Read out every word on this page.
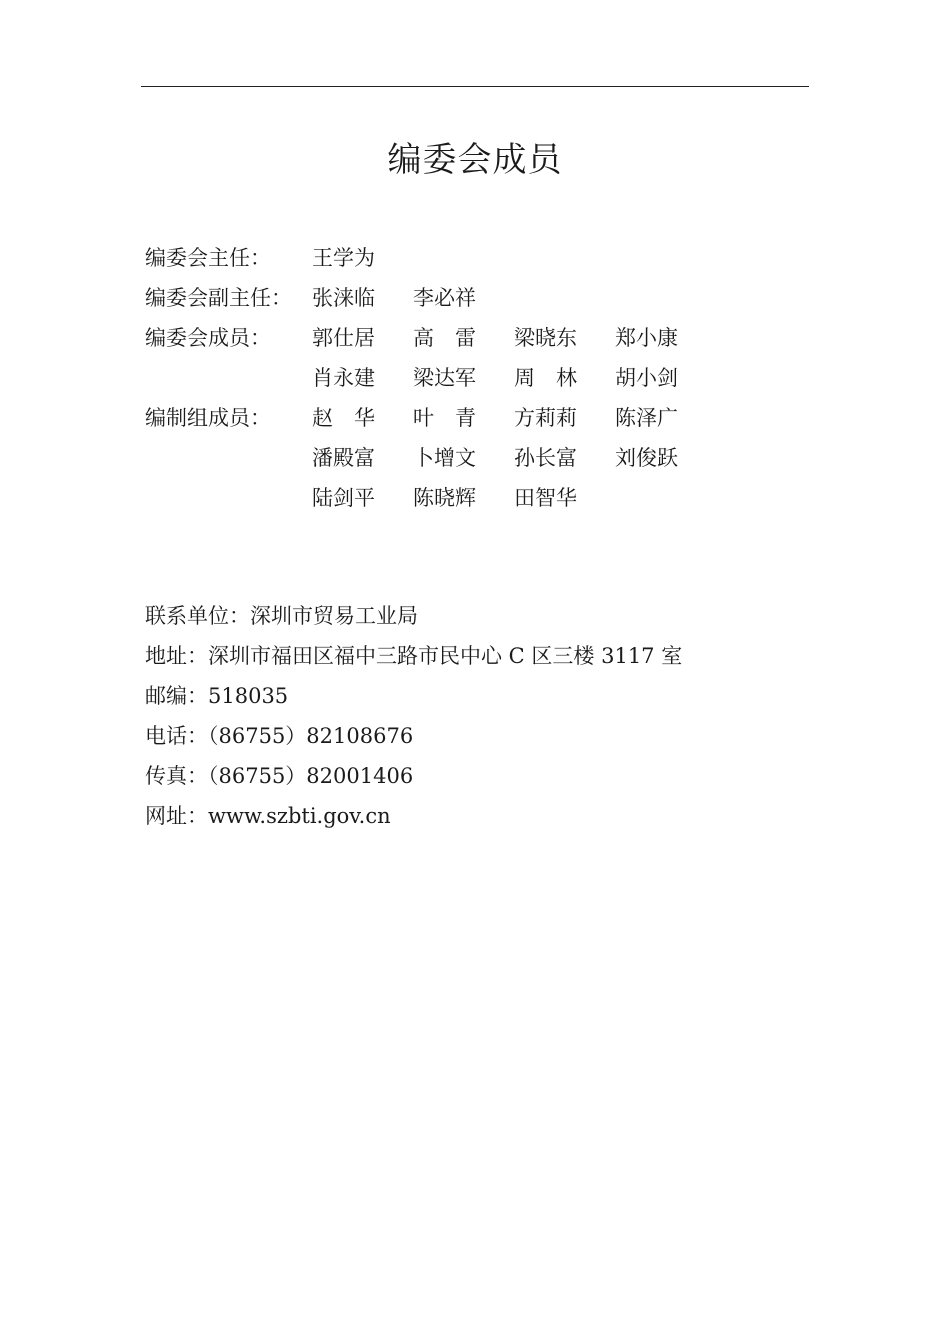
编委会成员
编委会主任： 王学为
编委会副主任： 张涞临 李必祥
编委会成员： 郭仕居 高　雷 梁晓东 郑小康
肖永建 梁达军 周　林 胡小剑
编制组成员： 赵　华 叶　青 方莉莉 陈泽广
潘殿富 卜增文 孙长富 刘俊跃
陆剑平 陈晓辉 田智华
联系单位：深圳市贸易工业局
地址：深圳市福田区福中三路市民中心 C 区三楼 3117 室
邮编：518035
电话：（86755）82108676
传真：（86755）82001406
网址：www.szbti.gov.cn
